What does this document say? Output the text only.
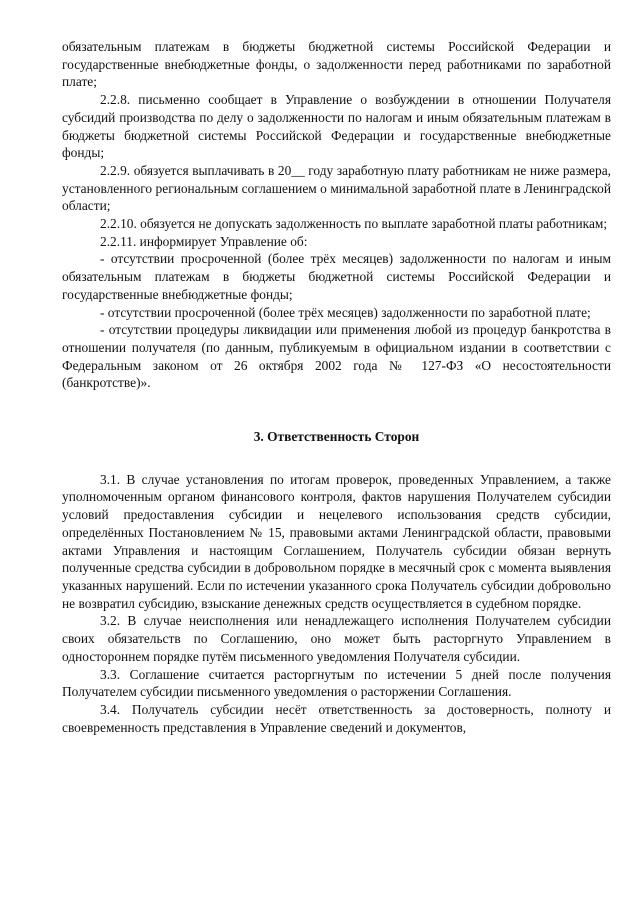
обязательным платежам в бюджеты бюджетной системы Российской Федерации и государственные внебюджетные фонды, о задолженности перед работниками по заработной плате;

2.2.8. письменно сообщает в Управление о возбуждении в отношении Получателя субсидий производства по делу о задолженности по налогам и иным обязательным платежам в бюджеты бюджетной системы Российской Федерации и государственные внебюджетные фонды;

2.2.9. обязуется выплачивать в 20__ году заработную плату работникам не ниже размера, установленного региональным соглашением о минимальной заработной плате в Ленинградской области;

2.2.10. обязуется не допускать задолженность по выплате заработной платы работникам;

2.2.11. информирует Управление об:

- отсутствии просроченной (более трёх месяцев) задолженности по налогам и иным обязательным платежам в бюджеты бюджетной системы Российской Федерации и государственные внебюджетные фонды;

- отсутствии просроченной (более трёх месяцев) задолженности по заработной плате;

- отсутствии процедуры ликвидации или применения любой из процедур банкротства в отношении получателя (по данным, публикуемым в официальном издании в соответствии с Федеральным законом от 26 октября 2002 года № 127-ФЗ «О несостоятельности (банкротстве)».

3. Ответственность Сторон

3.1. В случае установления по итогам проверок, проведенных Управлением, а также уполномоченным органом финансового контроля, фактов нарушения Получателем субсидии условий предоставления субсидии и нецелевого использования средств субсидии, определённых Постановлением № 15, правовыми актами Ленинградской области, правовыми актами Управления и настоящим Соглашением, Получатель субсидии обязан вернуть полученные средства субсидии в добровольном порядке в месячный срок с момента выявления указанных нарушений. Если по истечении указанного срока Получатель субсидии добровольно не возвратил субсидию, взыскание денежных средств осуществляется в судебном порядке.

3.2. В случае неисполнения или ненадлежащего исполнения Получателем субсидии своих обязательств по Соглашению, оно может быть расторгнуто Управлением в одностороннем порядке путём письменного уведомления Получателя субсидии.

3.3. Соглашение считается расторгнутым по истечении 5 дней после получения Получателем субсидии письменного уведомления о расторжении Соглашения.

3.4. Получатель субсидии несёт ответственность за достоверность, полноту и своевременность представления в Управление сведений и документов,
